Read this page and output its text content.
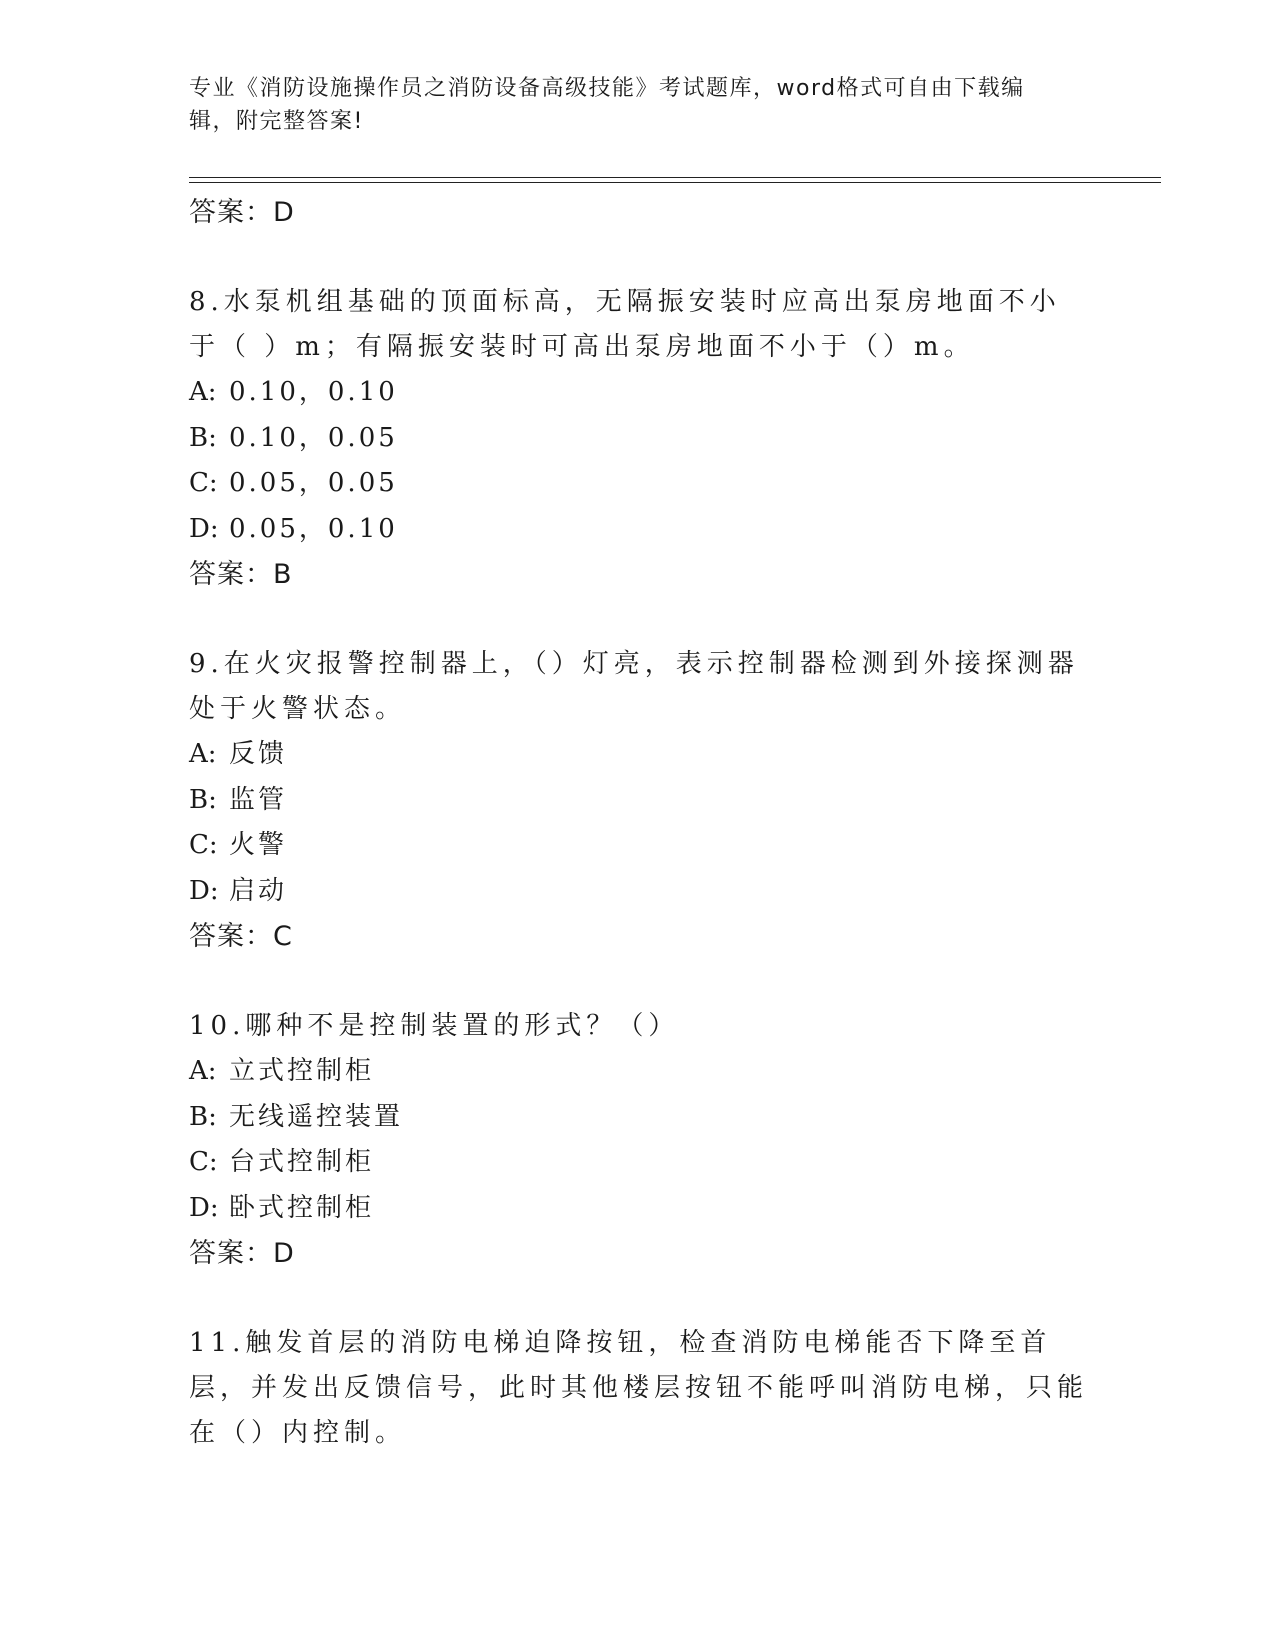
专业《消防设施操作员之消防设备高级技能》考试题库，word格式可自由下载编辑，附完整答案!
答案：D
8.水泵机组基础的顶面标高，无隔振安装时应高出泵房地面不小于（ ）m；有隔振安装时可高出泵房地面不小于（）m。
A: 0.10，0.10
B: 0.10，0.05
C: 0.05，0.05
D: 0.05，0.10
答案：B
9.在火灾报警控制器上，（）灯亮，表示控制器检测到外接探测器处于火警状态。
A: 反馈
B: 监管
C: 火警
D: 启动
答案：C
10.哪种不是控制装置的形式？（）
A: 立式控制柜
B: 无线遥控装置
C: 台式控制柜
D: 卧式控制柜
答案：D
11.触发首层的消防电梯迫降按钮，检查消防电梯能否下降至首层，并发出反馈信号，此时其他楼层按钮不能呼叫消防电梯，只能在（）内控制。
